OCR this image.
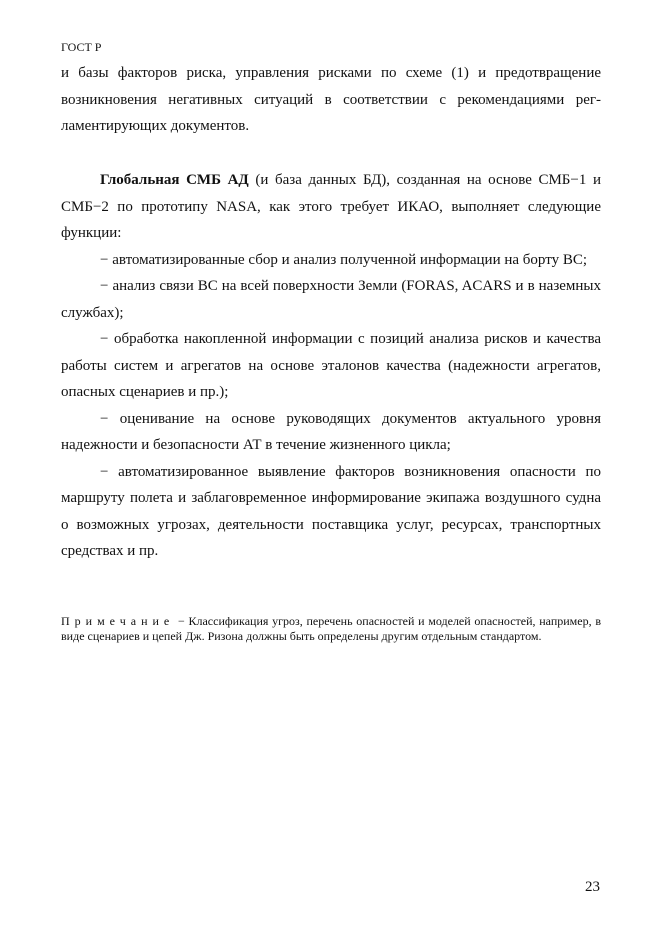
ГОСТ Р

и базы факторов риска, управления рисками по схеме (1) и предотвращение возникновения негативных ситуаций в соответствии с рекомендациями рег-ламентирующих документов.

Глобальная СМБ АД (и база данных БД), созданная на основе СМБ−1 и СМБ−2 по прототипу NASA, как этого требует ИКАО, выполняет следующие функции:

− автоматизированные сбор и анализ полученной информации на борту ВС;

− анализ связи ВС на всей поверхности Земли (FORAS, ACARS и в наземных службах);

− обработка накопленной информации с позиций анализа рисков и качества работы систем и агрегатов на основе эталонов качества (надежности агрегатов, опасных сценариев и пр.);

− оценивание на основе руководящих документов актуального уровня надежности и безопасности АТ в течение жизненного цикла;

− автоматизированное выявление факторов возникновения опасности по маршруту полета и заблаговременное информирование экипажа воздушного судна о возможных угрозах, деятельности поставщика услуг, ресурсах, транспортных средствах и пр.

Примечание − Классификация угроз, перечень опасностей и моделей опасностей, например, в виде сценариев и цепей Дж. Ризона должны быть определены другим отдельным стандартом.
23
